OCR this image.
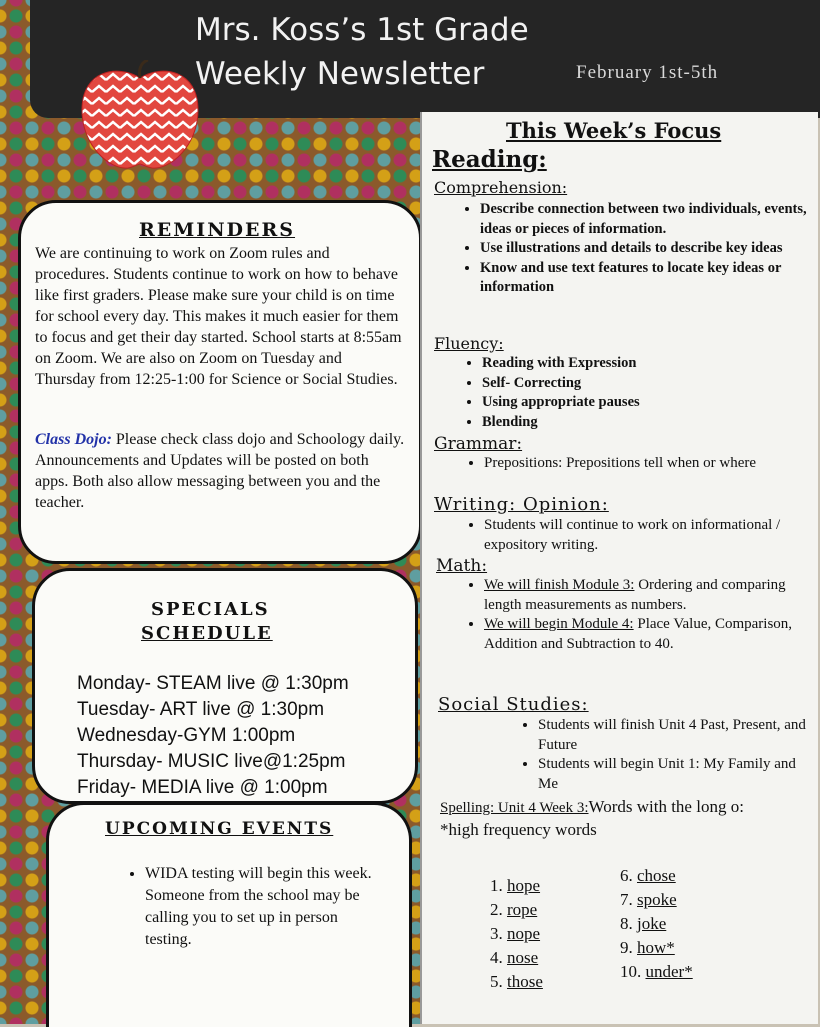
Mrs. Koss’s 1st Grade
Weekly Newsletter	February 1st-5th
REMINDERS
We are continuing to work on Zoom rules and procedures. Students continue to work on how to behave like first graders. Please make sure your child is on time for school every day. This makes it much easier for them to focus and get their day started. School starts at 8:55am on Zoom. We are also on Zoom on Tuesday and Thursday from 12:25-1:00 for Science or Social Studies.
Class Dojo: Please check class dojo and Schoology daily. Announcements and Updates will be posted on both apps. Both also allow messaging between you and the teacher.
SPECIALS
SCHEDULE
Monday- STEAM live @ 1:30pm
Tuesday- ART live @ 1:30pm
Wednesday-GYM 1:00pm
Thursday- MUSIC live@1:25pm
Friday- MEDIA live @ 1:00pm
UPCOMING EVENTS
• WIDA testing will begin this week. Someone from the school may be calling you to set up in person testing.
This Week’s Focus
Reading:
Comprehension:
• Describe connection between two individuals, events, ideas or pieces of information.
• Use illustrations and details to describe key ideas
• Know and use text features to locate key ideas or information
Fluency:
• Reading with Expression
• Self- Correcting
• Using appropriate pauses
• Blending
Grammar:
• Prepositions: Prepositions tell when or where
Writing: Opinion:
• Students will continue to work on informational / expository writing.
Math:
• We will finish Module 3: Ordering and comparing length measurements as numbers.
• We will begin Module 4: Place Value, Comparison, Addition and Subtraction to 40.
Social Studies:
• Students will finish Unit 4 Past, Present, and Future
• Students will begin Unit 1: My Family and Me
Spelling: Unit 4 Week 3:Words with the long o:
*high frequency words
1. hope
2. rope
3. nope
4. nose
5. those
6. chose
7. spoke
8. joke
9. how*
10. under*
